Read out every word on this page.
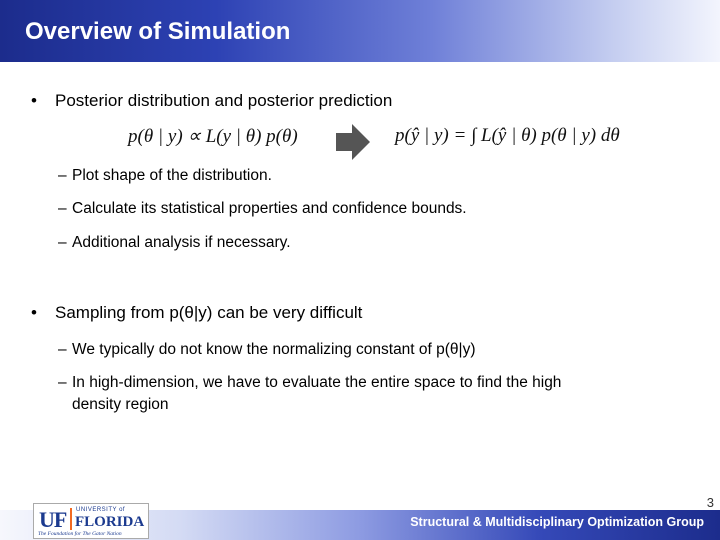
Overview of Simulation
• Posterior distribution and posterior prediction
p(θ | y) ∝ L(y | θ) p(θ)	p(ŷ | y) = ∫ L(ŷ | θ) p(θ | y) dθ
– Plot shape of the distribution.
– Calculate its statistical properties and confidence bounds.
– Additional analysis if necessary.
• Sampling from p(θ|y) can be very difficult
– We typically do not know the normalizing constant of p(θ|y)
– In high-dimension, we have to evaluate the entire space to find the high
density region
3
Structural & Multidisciplinary Optimization Group
UF UNIVERSITY of
FLORIDA
The Foundation for The Gator Nation
